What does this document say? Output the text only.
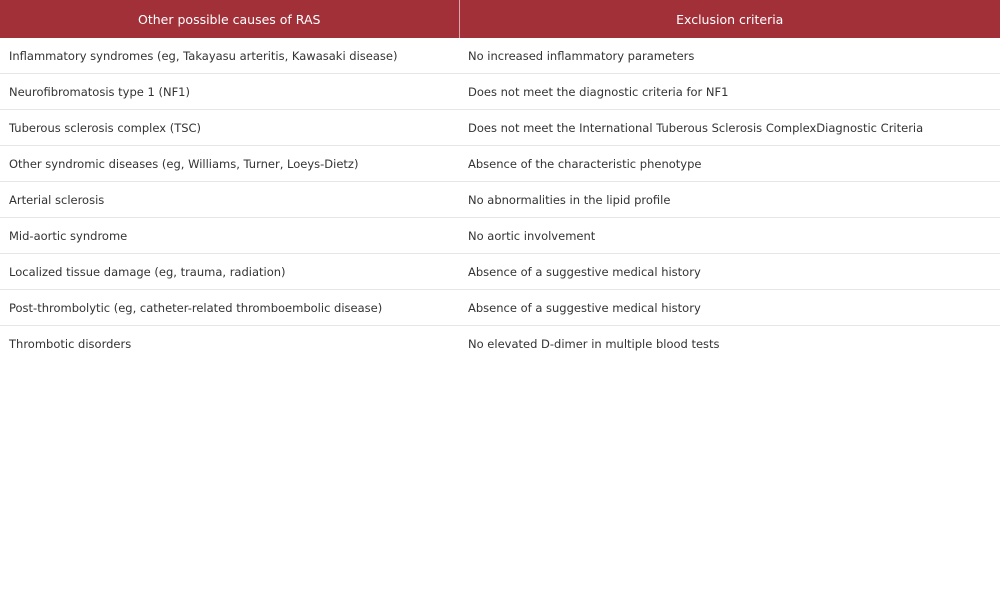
Other possible causes of RAS	Exclusion criteria
Inflammatory syndromes (eg, Takayasu arteritis, Kawasaki disease)	No increased inflammatory parameters
Neurofibromatosis type 1 (NF1)	Does not meet the diagnostic criteria for NF1
Tuberous sclerosis complex (TSC)	Does not meet the International Tuberous Sclerosis ComplexDiagnostic Criteria
Other syndromic diseases (eg, Williams, Turner, Loeys-Dietz)	Absence of the characteristic phenotype
Arterial sclerosis	No abnormalities in the lipid profile
Mid-aortic syndrome	No aortic involvement
Localized tissue damage (eg, trauma, radiation)	Absence of a suggestive medical history
Post-thrombolytic (eg, catheter-related thromboembolic disease)	Absence of a suggestive medical history
Thrombotic disorders	No elevated D-dimer in multiple blood tests
